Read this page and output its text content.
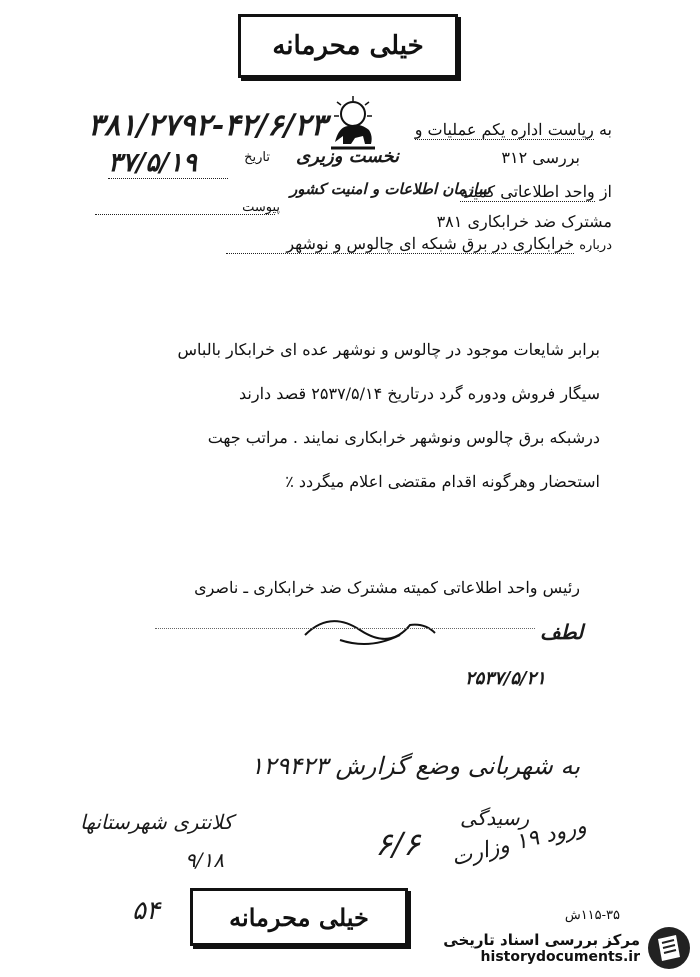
خیلی محرمانه
به ریاست اداره یکم عملیات و
۳۸۱/۲۷۹۲-۴۲/۶/۲۳
بررسی ۳۱۲
نخست وزیری
تاریخ
۳۷/۵/۱۹
از واحد اطلاعاتی کمیته
سازمان اطلاعات و امنیت کشور
پیوست
مشترک ضد خرابکاری ۳۸۱
درباره خرابکاری در برق شبکه ای چالوس و نوشهر
برابر شایعات موجود در چالوس و نوشهر عده ای خرابکار بالباس
سیگار فروش ودوره گرد درتاریخ ۲۵۳۷/۵/۱۴ قصد دارند
درشبکه برق چالوس ونوشهر خرابکاری نمایند . مراتب جهت
استحضار وهرگونه اقدام مقتضی اعلام میگردد ٪
رئیس واحد اطلاعاتی کمیته مشترک ضد خرابکاری ـ ناصری
لطف
۲۵۳۷/۵/۲۱
به شهربانی وضع گزارش ۱۲۹۴۲۳
رسیدگی
کلانتری شهرستانها
۹/۱۸	۶/۶ ورود ۱۹ وزارت
۵۴	خیلی محرمانه	۱۱۵-۳۵ش
مرکز بررسی اسناد تاریخی
historydocuments.ir
